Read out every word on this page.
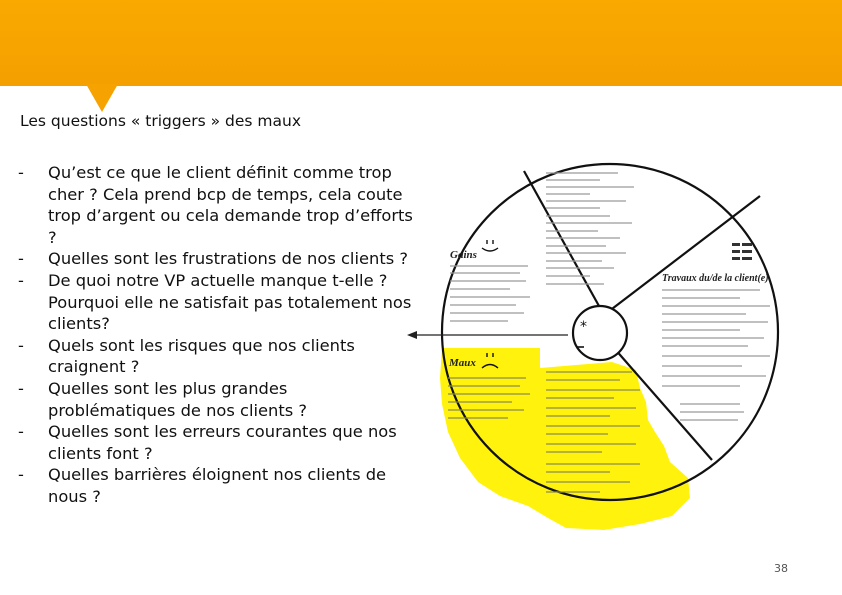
Les questions « triggers » des maux
- Qu’est ce que le client définit comme trop cher ? Cela prend bcp de temps, cela coute trop d’argent ou cela demande trop d’efforts ?
- Quelles sont les frustrations de nos clients ?
- De quoi notre VP actuelle manque t-elle ? Pourquoi elle ne satisfait pas totalement nos clients?
- Quels sont les risques que nos clients craignent ?
- Quelles sont les plus grandes problématiques de nos clients ?
- Quelles sont les erreurs courantes que nos clients font ?
- Quelles barrières éloignent nos clients de nous ?
*
Gains
Maux
Travaux du/de la client(e)
38
